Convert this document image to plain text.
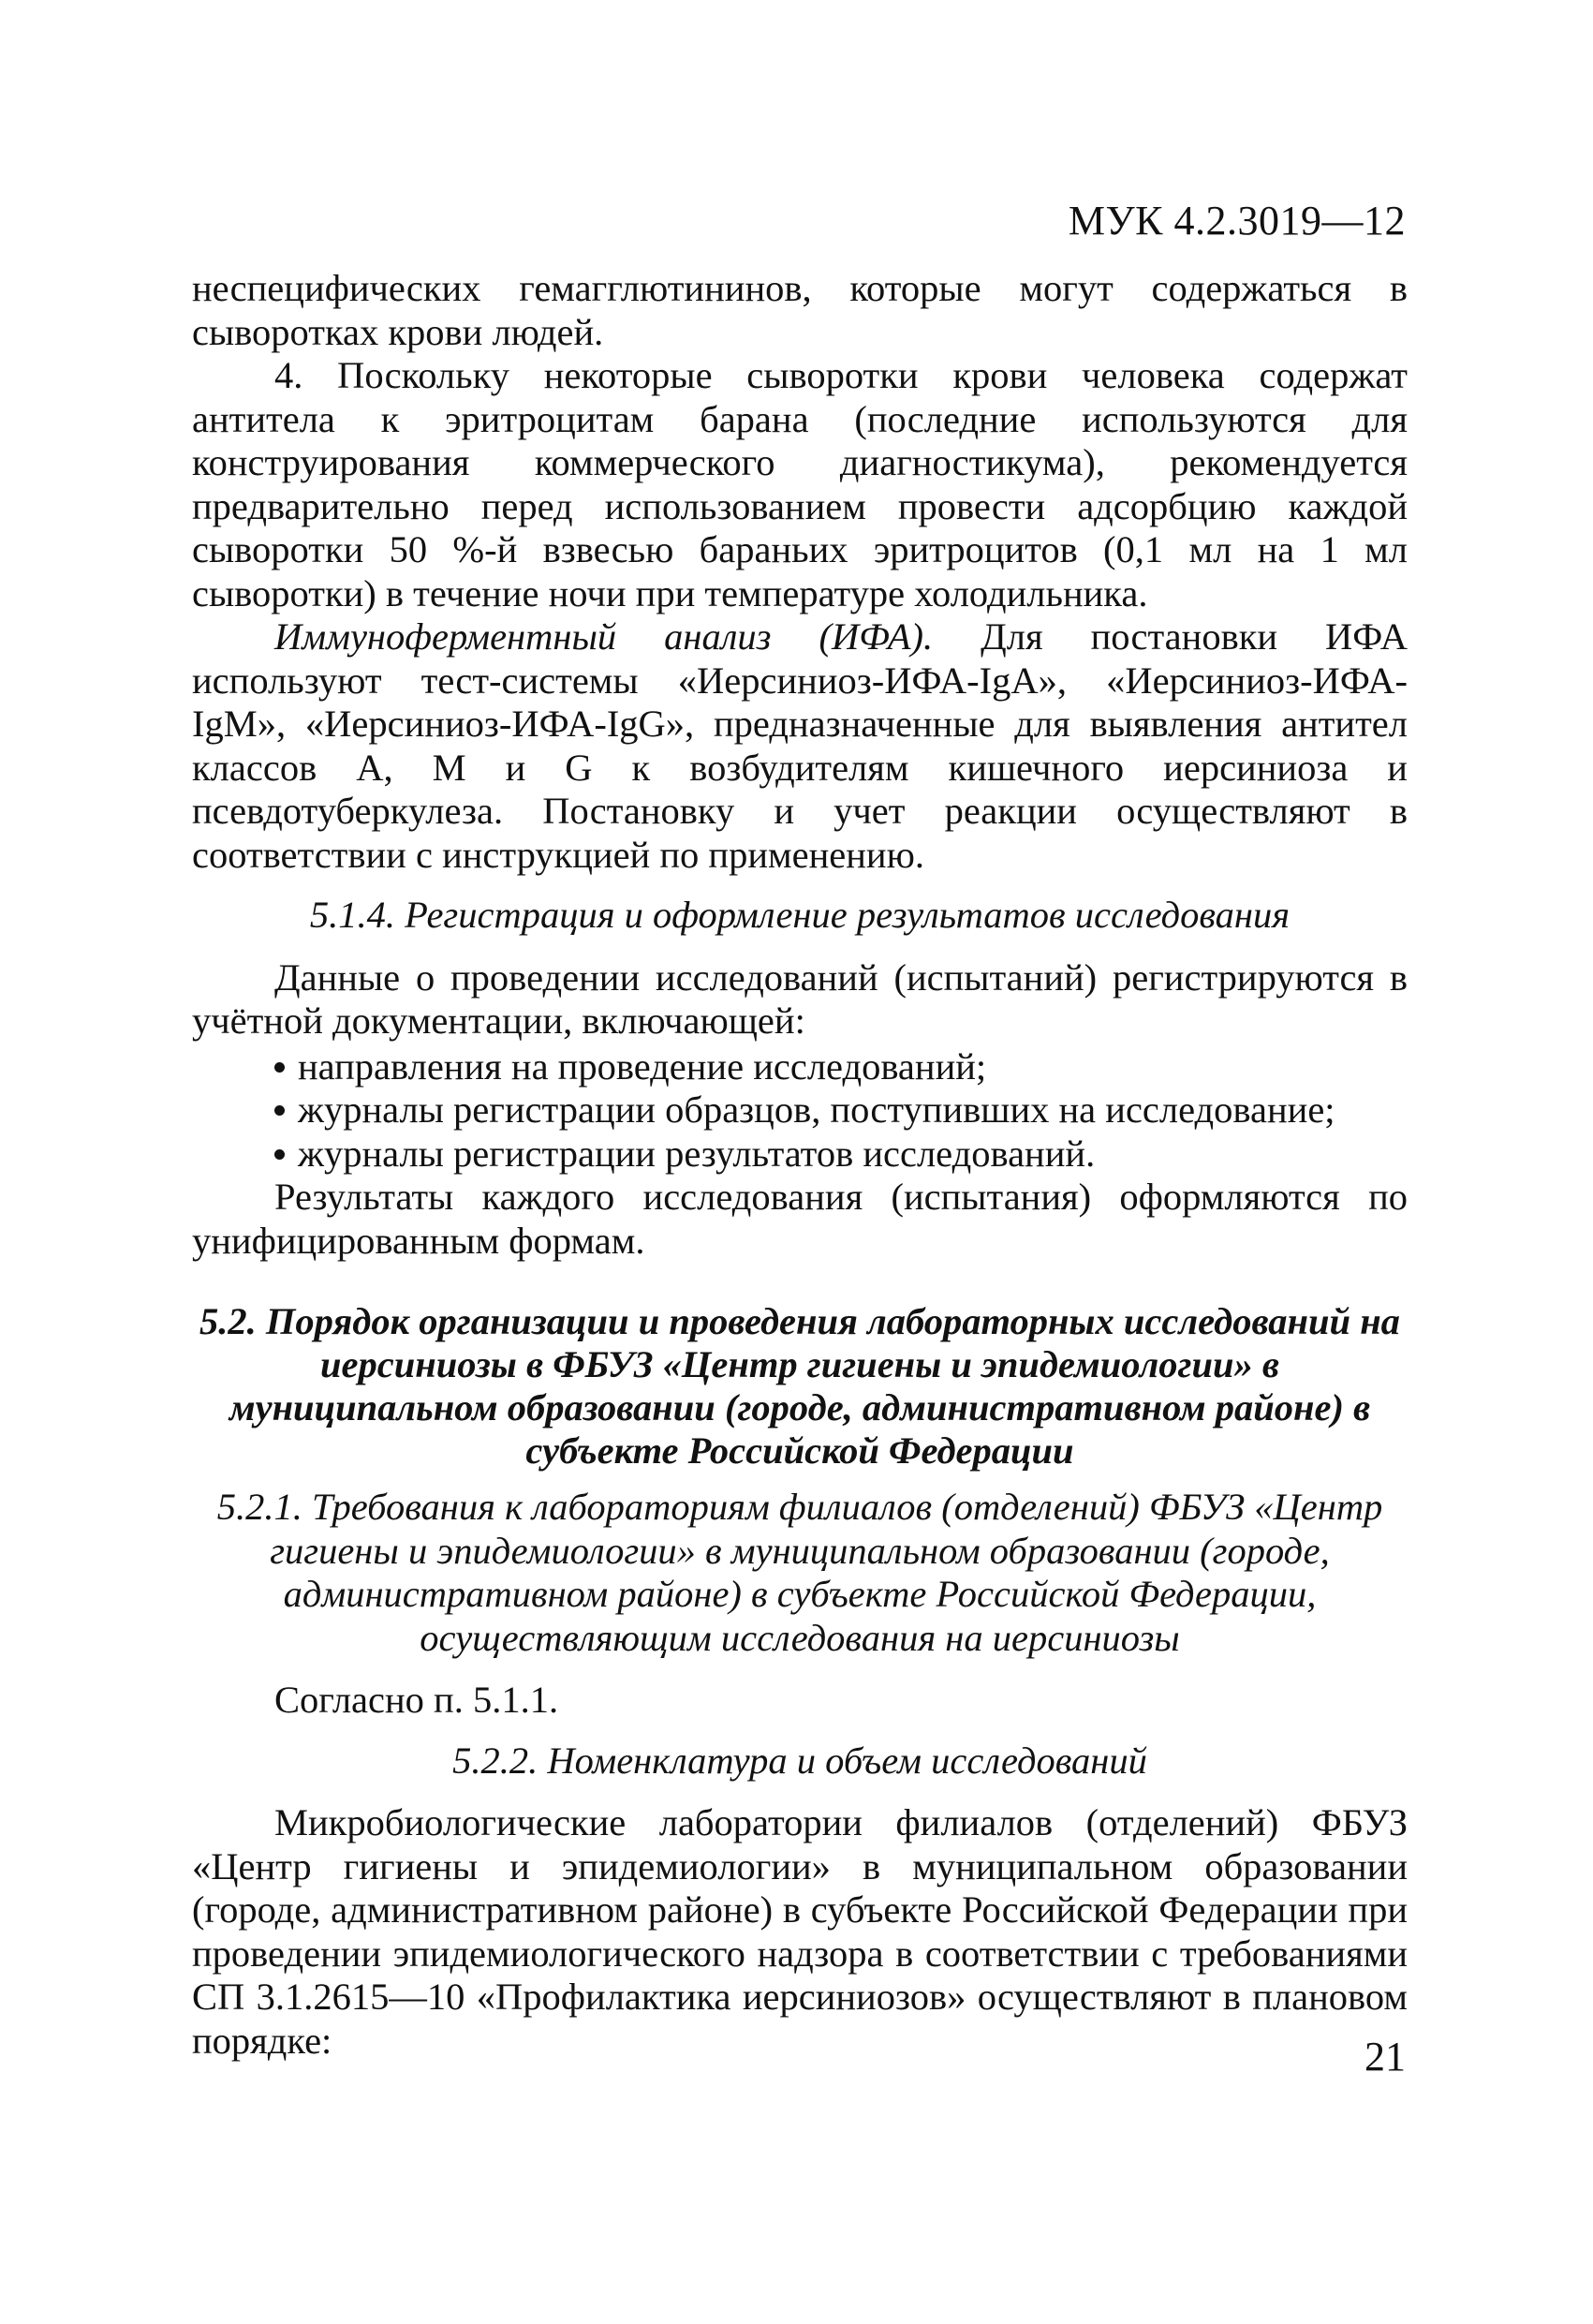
МУК 4.2.3019—12

неспецифических гемагглютининов, которые могут содержаться в сыворотках крови людей.

4. Поскольку некоторые сыворотки крови человека содержат антитела к эритроцитам барана (последние используются для конструирования коммерческого диагностикума), рекомендуется предварительно перед использованием провести адсорбцию каждой сыворотки 50 %-й взвесью бараньих эритроцитов (0,1 мл на 1 мл сыворотки) в течение ночи при температуре холодильника.

Иммуноферментный анализ (ИФА). Для постановки ИФА используют тест-системы «Иерсиниоз-ИФА-IgA», «Иерсиниоз-ИФА-IgM», «Иерсиниоз-ИФА-IgG», предназначенные для выявления антител классов A, M и G к возбудителям кишечного иерсиниоза и псевдотуберкулеза. Постановку и учет реакции осуществляют в соответствии с инструкцией по применению.

5.1.4. Регистрация и оформление результатов исследования

Данные о проведении исследований (испытаний) регистрируются в учётной документации, включающей:

направления на проведение исследований;
журналы регистрации образцов, поступивших на исследование;
журналы регистрации результатов исследований.

Результаты каждого исследования (испытания) оформляются по унифицированным формам.

5.2. Порядок организации и проведения лабораторных исследований на иерсиниозы в ФБУЗ «Центр гигиены и эпидемиологии» в муниципальном образовании (городе, административном районе) в субъекте Российской Федерации

5.2.1. Требования к лабораториям филиалов (отделений) ФБУЗ «Центр гигиены и эпидемиологии» в муниципальном образовании (городе, административном районе) в субъекте Российской Федерации, осуществляющим исследования на иерсиниозы

Согласно п. 5.1.1.

5.2.2. Номенклатура и объем исследований

Микробиологические лаборатории филиалов (отделений) ФБУЗ «Центр гигиены и эпидемиологии» в муниципальном образовании (городе, административном районе) в субъекте Российской Федерации при проведении эпидемиологического надзора в соответствии с требованиями СП 3.1.2615—10 «Профилактика иерсиниозов» осуществляют в плановом порядке:	21
